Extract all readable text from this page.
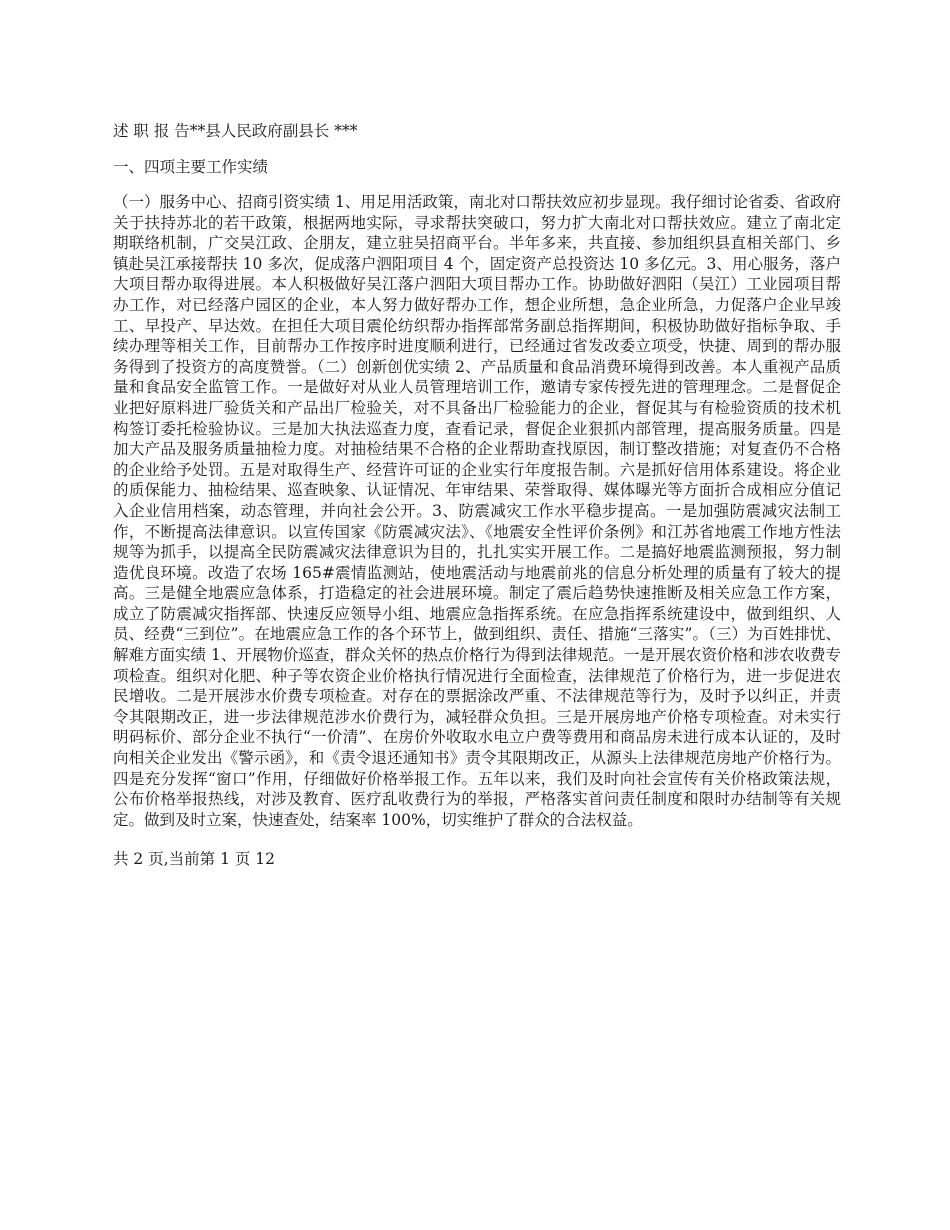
述 职 报 告**县人民政府副县长 ***
一、四项主要工作实绩

（一）服务中心、招商引资实绩 1、用足用活政策，南北对口帮扶效应初步显现。我仔细讨论省委、省政府关于扶持苏北的若干政策，根据两地实际，寻求帮扶突破口，努力扩大南北对口帮扶效应。建立了南北定期联络机制，广交吴江政、企朋友，建立驻吴招商平台。半年多来，共直接、参加组织县直相关部门、乡镇赴吴江承接帮扶 10 多次，促成落户泗阳项目 4 个，固定资产总投资达 10 多亿元。3、用心服务，落户大项目帮办取得进展。本人积极做好吴江落户泗阳大项目帮办工作。协助做好泗阳（吴江）工业园项目帮办工作，对已经落户园区的企业，本人努力做好帮办工作，想企业所想，急企业所急，力促落户企业早竣工、早投产、早达效。在担任大项目震伦纺织帮办指挥部常务副总指挥期间，积极协助做好指标争取、手续办理等相关工作，目前帮办工作按序时进度顺利进行，已经通过省发改委立项受，快捷、周到的帮办服务得到了投资方的高度赞誉。（二）创新创优实绩 2、产品质量和食品消费环境得到改善。本人重视产品质量和食品安全监管工作。一是做好对从业人员管理培训工作，邀请专家传授先进的管理理念。二是督促企业把好原料进厂验货关和产品出厂检验关，对不具备出厂检验能力的企业，督促其与有检验资质的技术机构签订委托检验协议。三是加大执法巡查力度，查看记录，督促企业狠抓内部管理，提高服务质量。四是加大产品及服务质量抽检力度。对抽检结果不合格的企业帮助查找原因，制订整改措施；对复查仍不合格的企业给予处罚。五是对取得生产、经营许可证的企业实行年度报告制。六是抓好信用体系建设。将企业的质保能力、抽检结果、巡查映象、认证情况、年审结果、荣誉取得、媒体曝光等方面折合成相应分值记入企业信用档案，动态管理，并向社会公开。3、防震减灾工作水平稳步提高。一是加强防震减灾法制工作，不断提高法律意识。以宣传国家《防震减灾法》、《地震安全性评价条例》和江苏省地震工作地方性法规等为抓手，以提高全民防震减灾法律意识为目的，扎扎实实开展工作。二是搞好地震监测预报，努力制造优良环境。改造了农场 165#震情监测站，使地震活动与地震前兆的信息分析处理的质量有了较大的提高。三是健全地震应急体系，打造稳定的社会进展环境。制定了震后趋势快速推断及相关应急工作方案，成立了防震减灾指挥部、快速反应领导小组、地震应急指挥系统。在应急指挥系统建设中，做到组织、人员、经费“三到位”。在地震应急工作的各个环节上，做到组织、责任、措施“三落实”。（三）为百姓排忧、解难方面实绩 1、开展物价巡查，群众关怀的热点价格行为得到法律规范。一是开展农资价格和涉农收费专项检查。组织对化肥、种子等农资企业价格执行情况进行全面检查，法律规范了价格行为，进一步促进农民增收。二是开展涉水价费专项检查。对存在的票据涂改严重、不法律规范等行为，及时予以纠正，并责令其限期改正，进一步法律规范涉水价费行为，减轻群众负担。三是开展房地产价格专项检查。对未实行明码标价、部分企业不执行“一价清”、在房价外收取水电立户费等费用和商品房未进行成本认证的，及时向相关企业发出《警示函》，和《责令退还通知书》责令其限期改正，从源头上法律规范房地产价格行为。四是充分发挥“窗口”作用，仔细做好价格举报工作。五年以来，我们及时向社会宣传有关价格政策法规，公布价格举报热线，对涉及教育、医疗乱收费行为的举报，严格落实首问责任制度和限时办结制等有关规定。做到及时立案，快速查处，结案率 100%，切实维护了群众的合法权益。

共 2 页,当前第 1 页 12
